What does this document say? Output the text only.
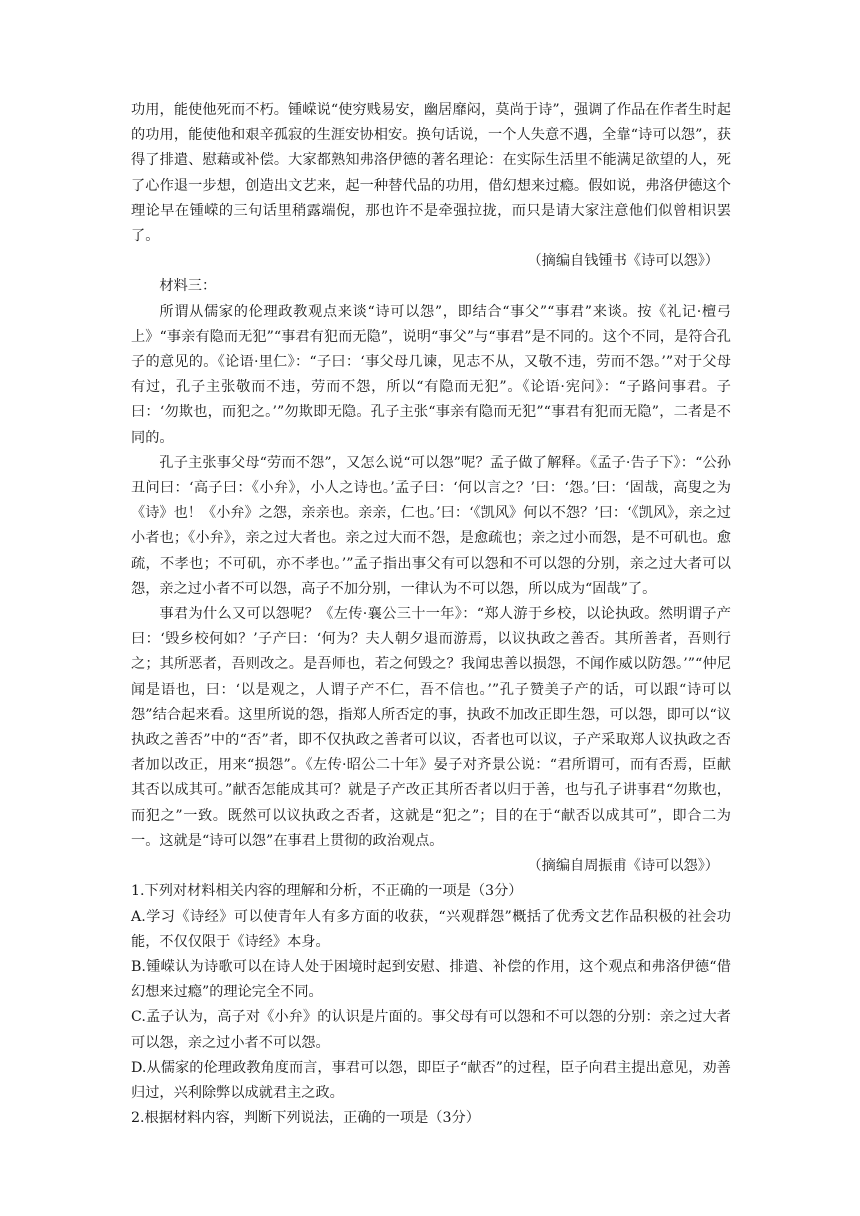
功用，能使他死而不朽。锺嵘说“使穷贱易安，幽居靡闷，莫尚于诗”，强调了作品在作者生时起的功用，能使他和艰辛孤寂的生涯安协相安。换句话说，一个人失意不遇，全靠“诗可以怨”，获得了排遣、慰藉或补偿。大家都熟知弗洛伊德的著名理论：在实际生活里不能满足欲望的人，死了心作退一步想，创造出文艺来，起一种替代品的功用，借幻想来过瘾。假如说，弗洛伊德这个理论早在锺嵘的三句话里稍露端倪，那也许不是牵强拉拢，而只是请大家注意他们似曾相识罢了。

（摘编自钱锺书《诗可以怨》）

材料三：

所谓从儒家的伦理政教观点来谈“诗可以怨”，即结合“事父”“事君”来谈。按《礼记·檀弓上》“事亲有隐而无犯”“事君有犯而无隐”，说明“事父”与“事君”是不同的。这个不同，是符合孔子的意见的。《论语·里仁》：“子曰：‘事父母几谏，见志不从，又敬不违，劳而不怨。’”对于父母有过，孔子主张敬而不违，劳而不怨，所以“有隐而无犯”。《论语·宪问》：“子路问事君。子曰：‘勿欺也，而犯之。’”勿欺即无隐。孔子主张“事亲有隐而无犯”“事君有犯而无隐”，二者是不同的。

孔子主张事父母“劳而不怨”，又怎么说“可以怨”呢？孟子做了解释。《孟子·告子下》：“公孙丑问曰：‘高子曰：《小弁》，小人之诗也。’孟子曰：‘何以言之？’曰：‘怨。’曰：‘固哉，高叟之为《诗》也！《小弁》之怨，亲亲也。亲亲，仁也。’曰：‘《凯风》何以不怨？’曰：‘《凯风》，亲之过小者也；《小弁》，亲之过大者也。亲之过大而不怨，是愈疏也；亲之过小而怨，是不可矶也。愈疏，不孝也；不可矶，亦不孝也。’”孟子指出事父有可以怨和不可以怨的分别，亲之过大者可以怨，亲之过小者不可以怨，高子不加分别，一律认为不可以怨，所以成为“固哉”了。

事君为什么又可以怨呢？《左传·襄公三十一年》：“郑人游于乡校，以论执政。然明谓子产曰：‘毁乡校何如？’子产曰：‘何为？夫人朝夕退而游焉，以议执政之善否。其所善者，吾则行之；其所恶者，吾则改之。是吾师也，若之何毁之？我闻忠善以损怨，不闻作威以防怨。’”“仲尼闻是语也，曰：‘以是观之，人谓子产不仁，吾不信也。’”孔子赞美子产的话，可以跟“诗可以怨”结合起来看。这里所说的怨，指郑人所否定的事，执政不加改正即生怨，可以怨，即可以“议执政之善否”中的“否”者，即不仅执政之善者可以议，否者也可以议，子产采取郑人议执政之否者加以改正，用来“损怨”。《左传·昭公二十年》晏子对齐景公说：“君所谓可，而有否焉，臣献其否以成其可。”献否怎能成其可？就是子产改正其所否者以归于善，也与孔子讲事君“勿欺也，而犯之”一致。既然可以议执政之否者，这就是“犯之”；目的在于“献否以成其可”，即合二为一。这就是“诗可以怨”在事君上贯彻的政治观点。

（摘编自周振甫《诗可以怨》）

1.下列对材料相关内容的理解和分析，不正确的一项是（3分）

A.学习《诗经》可以使青年人有多方面的收获，“兴观群怨”概括了优秀文艺作品积极的社会功能，不仅仅限于《诗经》本身。

B.锺嵘认为诗歌可以在诗人处于困境时起到安慰、排遣、补偿的作用，这个观点和弗洛伊德“借幻想来过瘾”的理论完全不同。

C.孟子认为，高子对《小弁》的认识是片面的。事父母有可以怨和不可以怨的分别：亲之过大者可以怨，亲之过小者不可以怨。

D.从儒家的伦理政教角度而言，事君可以怨，即臣子“献否”的过程，臣子向君主提出意见，劝善归过，兴利除弊以成就君主之政。

2.根据材料内容，判断下列说法，正确的一项是（3分）
